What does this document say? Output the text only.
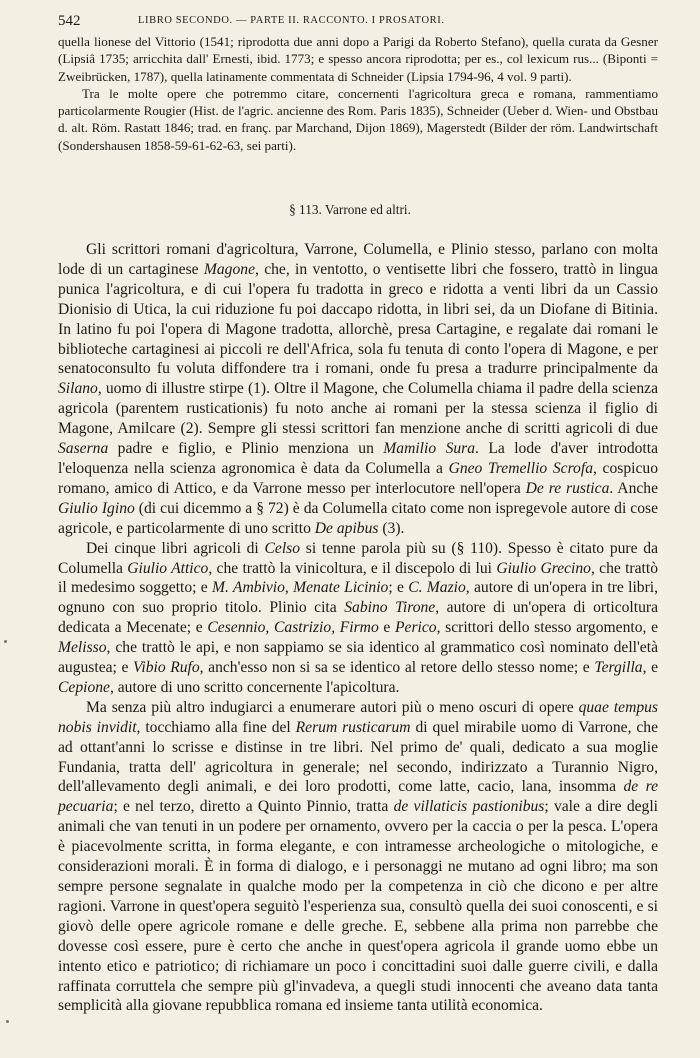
542	LIBRO SECONDO. — PARTE II. RACCONTO. I PROSATORI.

quella lionese del Vittorio (1541; riprodotta due anni dopo a Parigi da Roberto Stefano), quella curata da Gesner (Lipsiâ 1735; arricchita dall' Ernesti, ibid. 1773; e spesso ancora riprodotta; per es., col lexicum rus... (Biponti = Zweibrücken, 1787), quella latinamente commentata di Schneider (Lipsia 1794-96, 4 vol. 9 parti).

Tra le molte opere che potremmo citare, concernenti l'agricoltura greca e romana, rammentiamo particolarmente Rougier (Hist. de l'agric. ancienne des Rom. Paris 1835), Schneider (Ueber d. Wien- und Obstbau d. alt. Röm. Rastatt 1846; trad. en franç. par Marchand, Dijon 1869), Magerstedt (Bilder der röm. Landwirtschaft (Sondershausen 1858-59-61-62-63, sei parti).

§ 113. Varrone ed altri.

Gli scrittori romani d'agricoltura, Varrone, Columella, e Plinio stesso, parlano con molta lode di un cartaginese Magone, che, in ventotto, o ventisette libri che fossero, trattò in lingua punica l'agricoltura, e di cui l'opera fu tradotta in greco e ridotta a venti libri da un Cassio Dionisio di Utica, la cui riduzione fu poi daccapo ridotta, in libri sei, da un Diofane di Bitinia. In latino fu poi l'opera di Magone tradotta, allorchè, presa Cartagine, e regalate dai romani le biblioteche cartaginesi ai piccoli re dell'Africa, sola fu tenuta di conto l'opera di Magone, e per senatoconsulto fu voluta diffondere tra i romani, onde fu presa a tradurre principalmente da Silano, uomo di illustre stirpe (1). Oltre il Magone, che Columella chiama il padre della scienza agricola (parentem rusticationis) fu noto anche ai romani per la stessa scienza il figlio di Magone, Amilcare (2). Sempre gli stessi scrittori fan menzione anche di scritti agricoli di due Saserna padre e figlio, e Plinio menziona un Mamilio Sura. La lode d'aver introdotta l'eloquenza nella scienza agronomica è data da Columella a Gneo Tremellio Scrofa, cospicuo romano, amico di Attico, e da Varrone messo per interlocutore nell'opera De re rustica. Anche Giulio Igino (di cui dicemmo a § 72) è da Columella citato come non ispregevole autore di cose agricole, e particolarmente di uno scritto De apibus (3).

Dei cinque libri agricoli di Celso si tenne parola più su (§ 110). Spesso è citato pure da Columella Giulio Attico, che trattò la vinicoltura, e il discepolo di lui Giulio Grecino, che trattò il medesimo soggetto; e M. Ambivio, Menate Licinio; e C. Mazio, autore di un'opera in tre libri, ognuno con suo proprio titolo. Plinio cita Sabino Tirone, autore di un'opera di orticoltura dedicata a Mecenate; e Cesennio, Castrizio, Firmo e Perico, scrittori dello stesso argomento, e Melisso, che trattò le api, e non sappiamo se sia identico al grammatico così nominato dell'età augustea; e Vibio Rufo, anch'esso non si sa se identico al retore dello stesso nome; e Tergilla, e Cepione, autore di uno scritto concernente l'apicoltura.

Ma senza più altro indugiarci a enumerare autori più o meno oscuri di opere quae tempus nobis invidit, tocchiamo alla fine del Rerum rusticarum di quel mirabile uomo di Varrone, che ad ottant'anni lo scrisse e distinse in tre libri. Nel primo de' quali, dedicato a sua moglie Fundania, tratta dell' agricoltura in generale; nel secondo, indirizzato a Turannio Nigro, dell'allevamento degli animali, e dei loro prodotti, come latte, cacio, lana, insomma de re pecuaria; e nel terzo, diretto a Quinto Pinnio, tratta de villaticis pastionibus; vale a dire degli animali che van tenuti in un podere per ornamento, ovvero per la caccia o per la pesca. L'opera è piacevolmente scritta, in forma elegante, e con intramesse archeologiche o mitologiche, e considerazioni morali. È in forma di dialogo, e i personaggi ne mutano ad ogni libro; ma son sempre persone segnalate in qualche modo per la competenza in ciò che dicono e per altre ragioni. Varrone in quest'opera seguitò l'esperienza sua, consultò quella dei suoi conoscenti, e si giovò delle opere agricole romane e delle greche. E, sebbene alla prima non parrebbe che dovesse così essere, pure è certo che anche in quest'opera agricola il grande uomo ebbe un intento etico e patriotico; di richiamare un poco i concittadini suoi dalle guerre civili, e dalla raffinata corruttela che sempre più gl'invadeva, a quegli studi innocenti che aveano data tanta semplicità alla giovane repubblica romana ed insieme tanta utilità economica.
